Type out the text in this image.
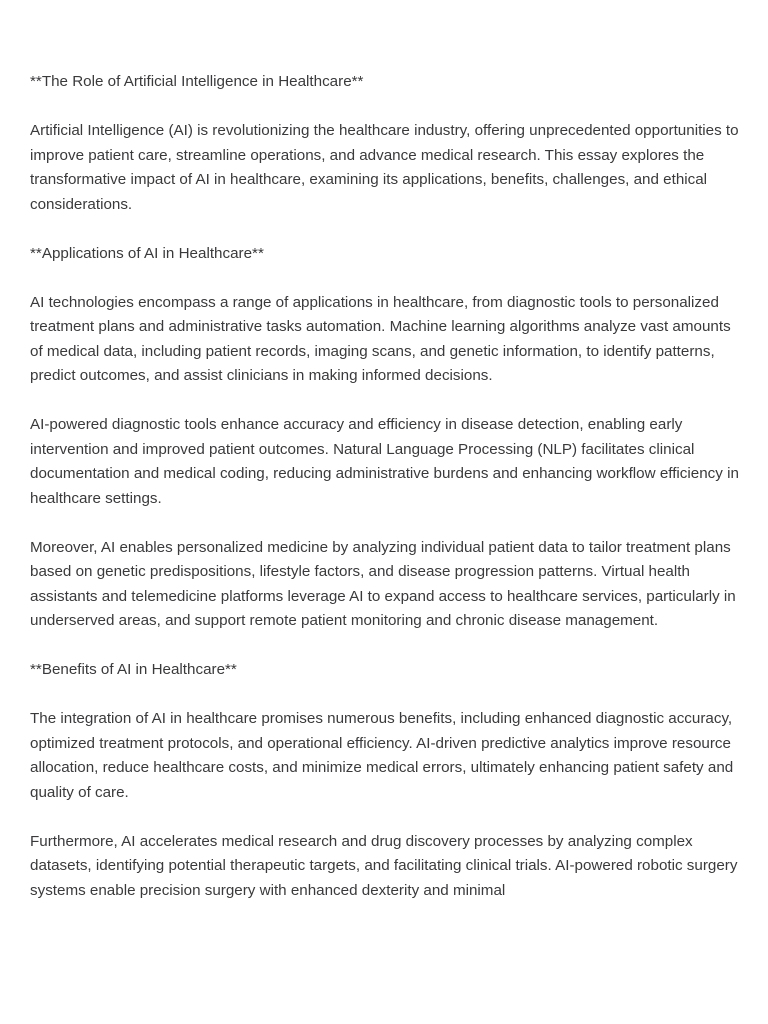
**The Role of Artificial Intelligence in Healthcare**

Artificial Intelligence (AI) is revolutionizing the healthcare industry, offering unprecedented opportunities to improve patient care, streamline operations, and advance medical research. This essay explores the transformative impact of AI in healthcare, examining its applications, benefits, challenges, and ethical considerations.

**Applications of AI in Healthcare**

AI technologies encompass a range of applications in healthcare, from diagnostic tools to personalized treatment plans and administrative tasks automation. Machine learning algorithms analyze vast amounts of medical data, including patient records, imaging scans, and genetic information, to identify patterns, predict outcomes, and assist clinicians in making informed decisions.

AI-powered diagnostic tools enhance accuracy and efficiency in disease detection, enabling early intervention and improved patient outcomes. Natural Language Processing (NLP) facilitates clinical documentation and medical coding, reducing administrative burdens and enhancing workflow efficiency in healthcare settings.

Moreover, AI enables personalized medicine by analyzing individual patient data to tailor treatment plans based on genetic predispositions, lifestyle factors, and disease progression patterns. Virtual health assistants and telemedicine platforms leverage AI to expand access to healthcare services, particularly in underserved areas, and support remote patient monitoring and chronic disease management.

**Benefits of AI in Healthcare**

The integration of AI in healthcare promises numerous benefits, including enhanced diagnostic accuracy, optimized treatment protocols, and operational efficiency. AI-driven predictive analytics improve resource allocation, reduce healthcare costs, and minimize medical errors, ultimately enhancing patient safety and quality of care.

Furthermore, AI accelerates medical research and drug discovery processes by analyzing complex datasets, identifying potential therapeutic targets, and facilitating clinical trials. AI-powered robotic surgery systems enable precision surgery with enhanced dexterity and minimal
